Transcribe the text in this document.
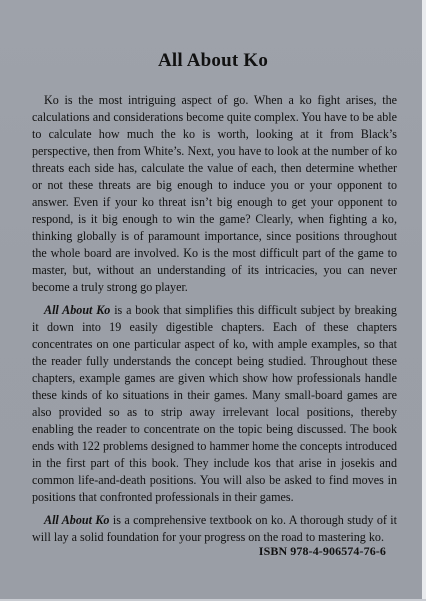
All About Ko

Ko is the most intriguing aspect of go. When a ko fight arises, the calculations and considerations become quite complex. You have to be able to calculate how much the ko is worth, looking at it from Black’s perspective, then from White’s. Next, you have to look at the number of ko threats each side has, calculate the value of each, then determine whether or not these threats are big enough to induce you or your opponent to answer. Even if your ko threat isn’t big enough to get your opponent to respond, is it big enough to win the game? Clearly, when fighting a ko, thinking globally is of paramount importance, since positions throughout the whole board are involved. Ko is the most difficult part of the game to master, but, without an understanding of its intricacies, you can never become a truly strong go player.

All About Ko is a book that simplifies this difficult subject by breaking it down into 19 easily digestible chapters. Each of these chapters concentrates on one particular aspect of ko, with ample examples, so that the reader fully understands the concept being studied. Throughout these chapters, example games are given which show how professionals handle these kinds of ko situations in their games. Many small-board games are also provided so as to strip away irrelevant local positions, thereby enabling the reader to concentrate on the topic being discussed. The book ends with 122 problems designed to hammer home the concepts introduced in the first part of this book. They include kos that arise in josekis and common life-and-death positions. You will also be asked to find moves in positions that confronted professionals in their games.

All About Ko is a comprehensive textbook on ko. A thorough study of it will lay a solid foundation for your progress on the road to mastering ko.

ISBN 978-4-906574-76-6
